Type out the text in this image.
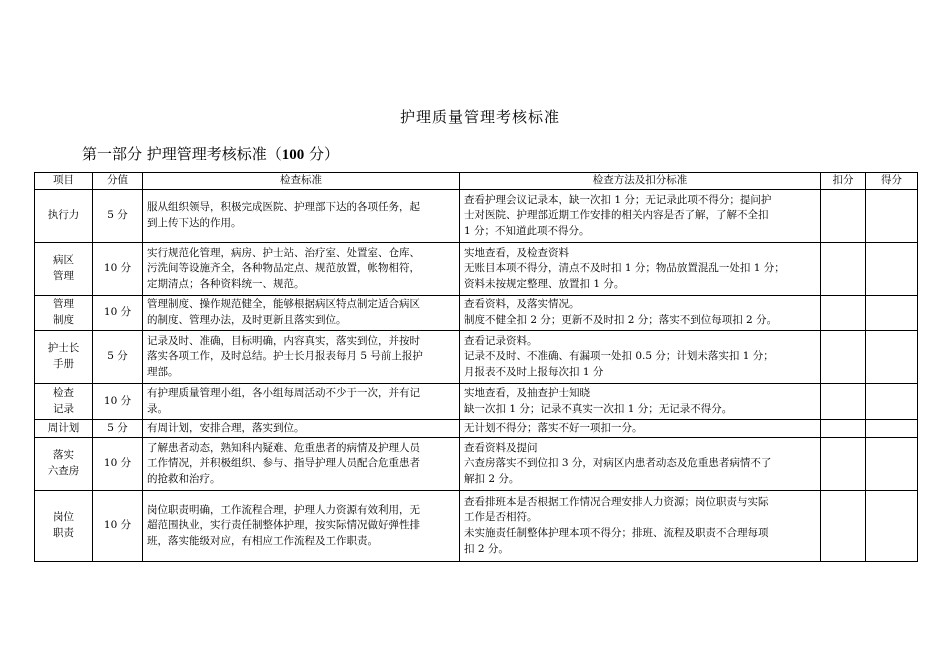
护理质量管理考核标准
第一部分 护理管理考核标准（100 分）
项目	分值	检查标准	检查方法及扣分标准	扣分	得分

执行力	5 分	服从组织领导，积极完成医院、护理部下达的各项任务，起
到上传下达的作用。	查看护理会议记录本，缺一次扣 1 分；无记录此项不得分；提问护
士对医院、护理部近期工作安排的相关内容是否了解，了解不全扣
1 分；不知道此项不得分。		

病区
管理	10 分	实行规范化管理，病房、护士站、治疗室、处置室、仓库、
污洗间等设施齐全，各种物品定点、规范放置，帐物相符，
定期清点；各种资料统一、规范。	实地查看，及检查资料
无账目本项不得分，清点不及时扣 1 分；物品放置混乱一处扣 1 分；
资料未按规定整理、放置扣 1 分。		

管理
制度	10 分	管理制度、操作规范健全，能够根据病区特点制定适合病区
的制度、管理办法，及时更新且落实到位。	查看资料，及落实情况。
制度不健全扣 2 分；更新不及时扣 2 分；落实不到位每项扣 2 分。		

护士长
手册	5 分	记录及时、准确，目标明确，内容真实，落实到位，并按时
落实各项工作，及时总结。护士长月报表每月 5 号前上报护
理部。	查看记录资料。
记录不及时、不准确、有漏项一处扣 0.5 分；计划未落实扣 1 分；
月报表不及时上报每次扣 1 分		

检查
记录	10 分	有护理质量管理小组，各小组每周活动不少于一次，并有记
录。	实地查看，及抽查护士知晓
缺一次扣 1 分；记录不真实一次扣 1 分；无记录不得分。		

周计划	5 分	有周计划，安排合理，落实到位。	无计划不得分；落实不好一项扣一分。		

落实
六查房	10 分	了解患者动态，熟知科内疑难、危重患者的病情及护理人员
工作情况，并积极组织、参与、指导护理人员配合危重患者
的抢救和治疗。	查看资料及提问
六查房落实不到位扣 3 分，对病区内患者动态及危重患者病情不了
解扣 2 分。		

岗位
职责	10 分	岗位职责明确，工作流程合理，护理人力资源有效利用，无
超范围执业，实行责任制整体护理，按实际情况做好弹性排
班，落实能级对应，有相应工作流程及工作职责。	查看排班本是否根据工作情况合理安排人力资源；岗位职责与实际
工作是否相符。
未实施责任制整体护理本项不得分；排班、流程及职责不合理每项
扣 2 分。		
